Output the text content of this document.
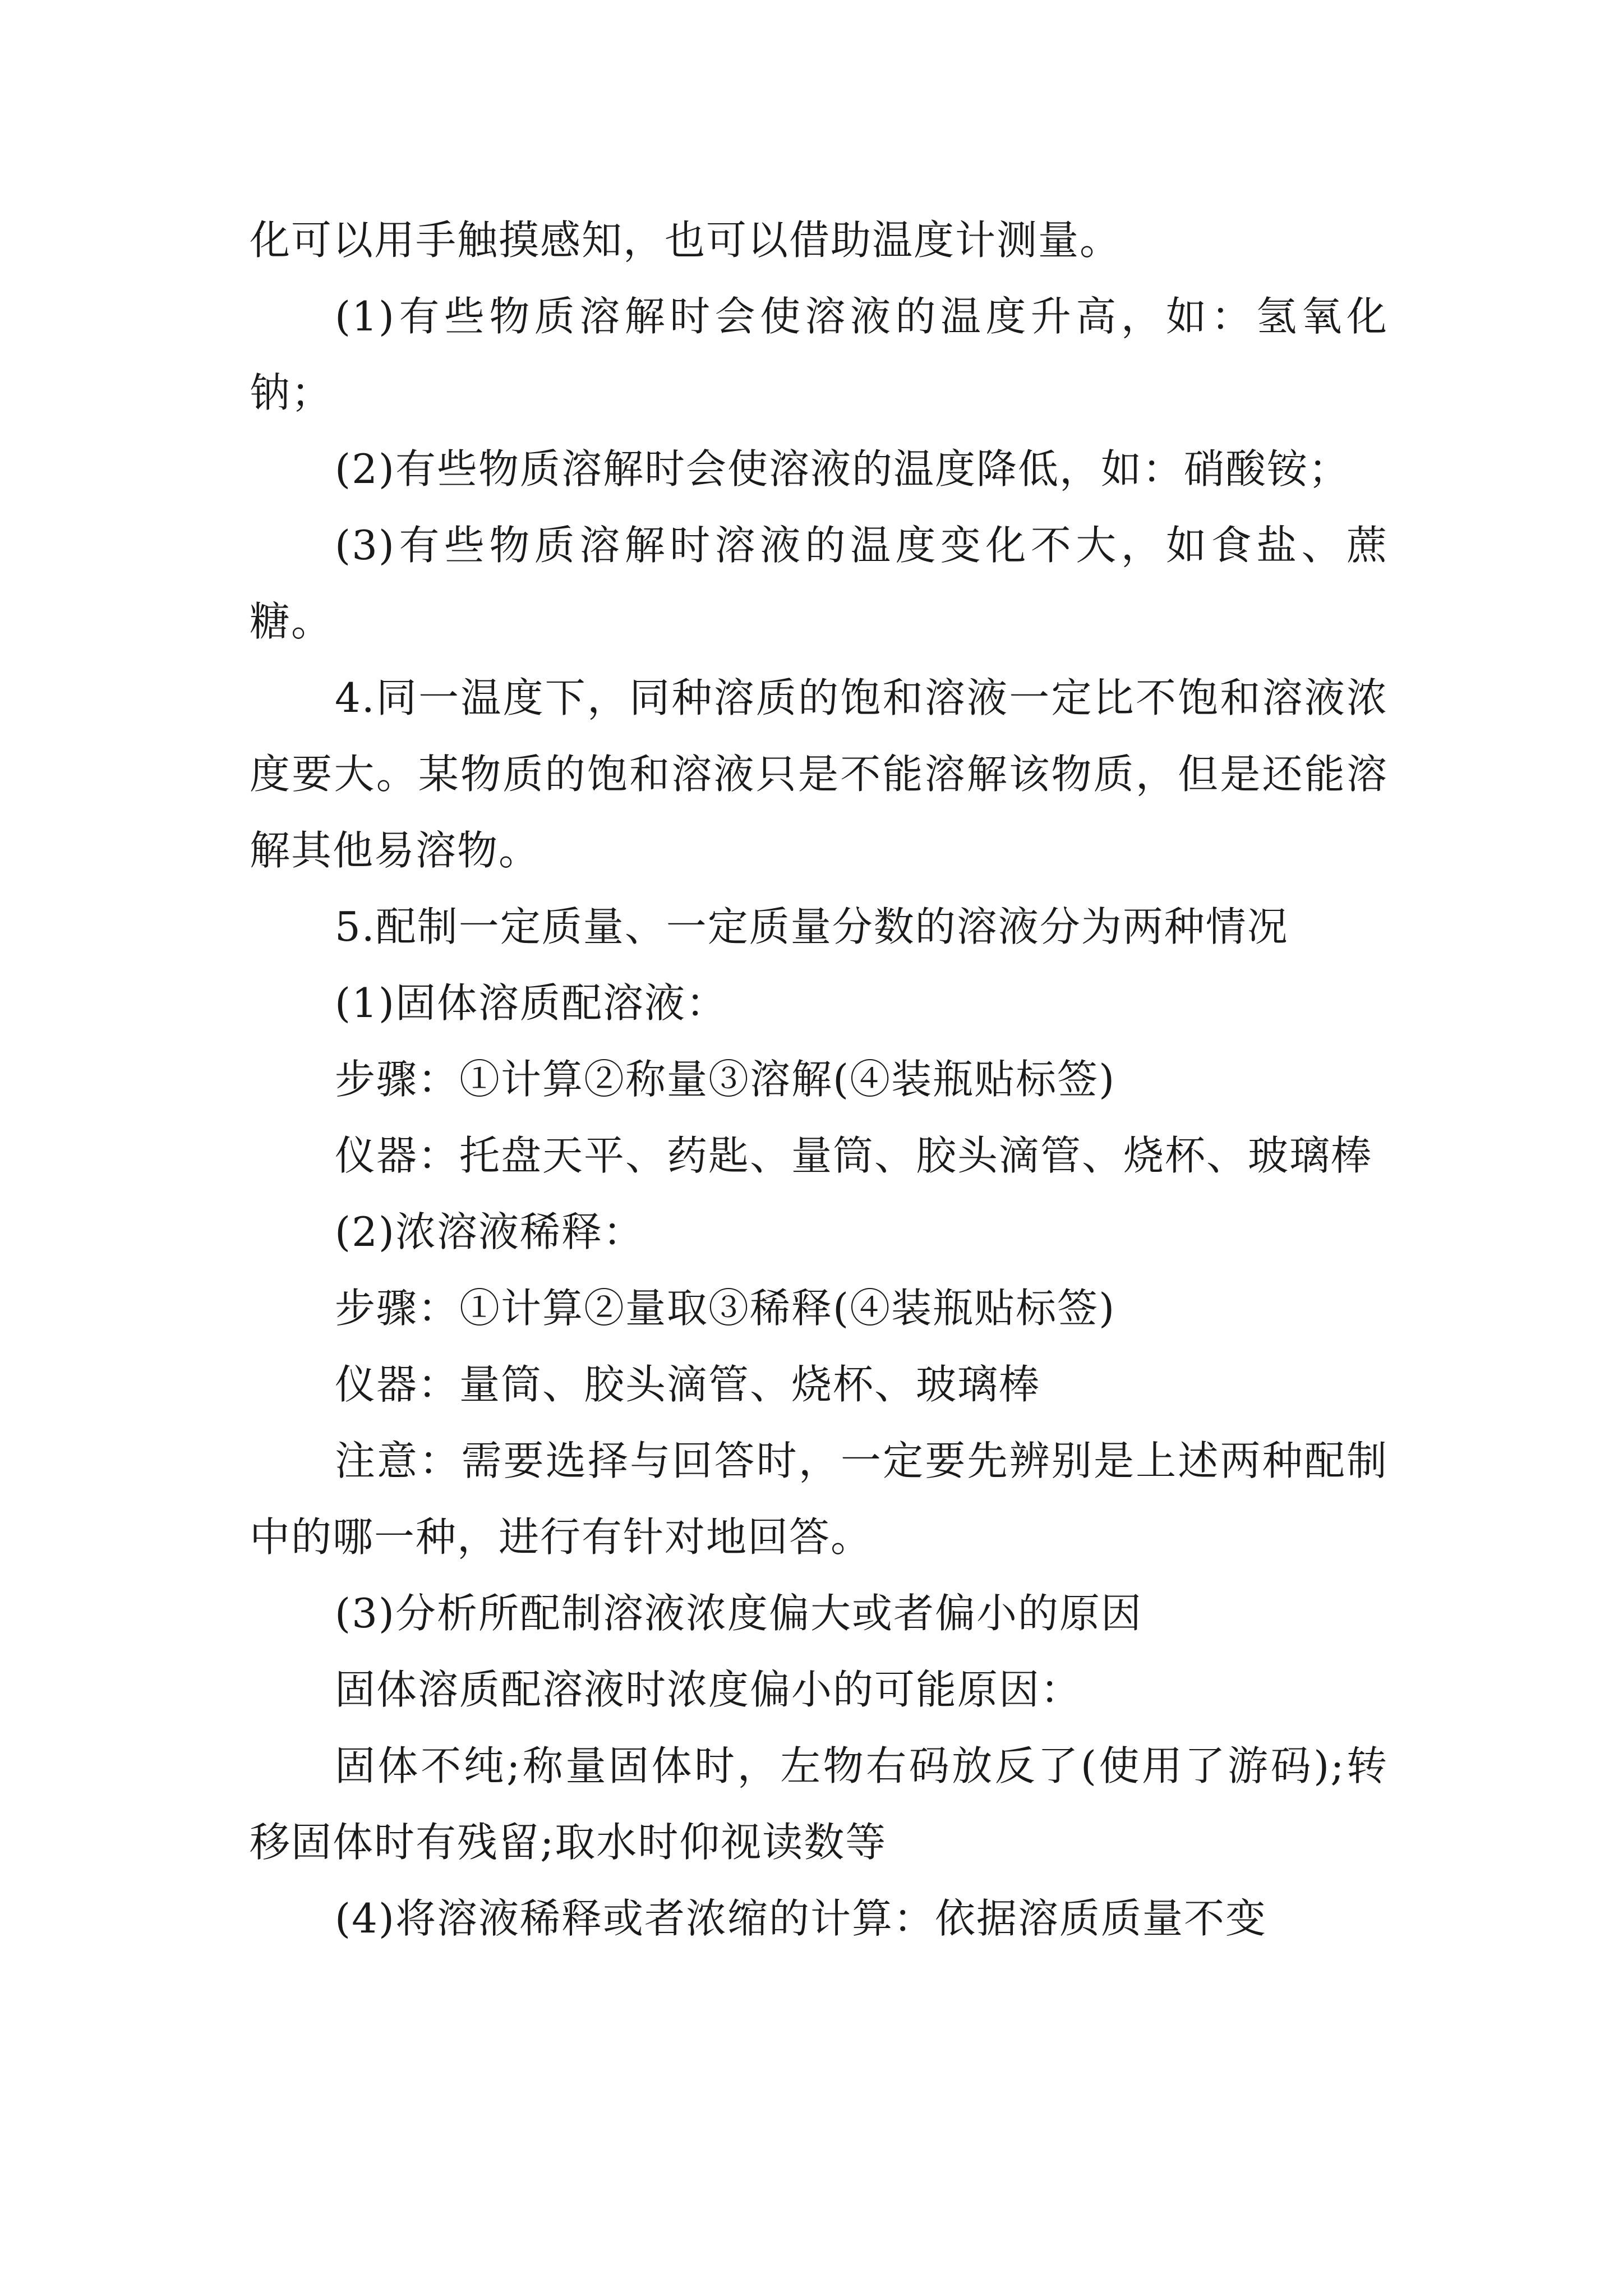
化可以用手触摸感知，也可以借助温度计测量。

(1)有些物质溶解时会使溶液的温度升高，如：氢氧化钠；

(2)有些物质溶解时会使溶液的温度降低，如：硝酸铵；

(3)有些物质溶解时溶液的温度变化不大，如食盐、蔗糖。

4.同一温度下，同种溶质的饱和溶液一定比不饱和溶液浓度要大。某物质的饱和溶液只是不能溶解该物质，但是还能溶解其他易溶物。

5.配制一定质量、一定质量分数的溶液分为两种情况

(1)固体溶质配溶液：

步骤：①计算②称量③溶解(④装瓶贴标签)

仪器：托盘天平、药匙、量筒、胶头滴管、烧杯、玻璃棒

(2)浓溶液稀释：

步骤：①计算②量取③稀释(④装瓶贴标签)

仪器：量筒、胶头滴管、烧杯、玻璃棒

注意：需要选择与回答时，一定要先辨别是上述两种配制中的哪一种，进行有针对地回答。

(3)分析所配制溶液浓度偏大或者偏小的原因

固体溶质配溶液时浓度偏小的可能原因：

固体不纯;称量固体时，左物右码放反了(使用了游码);转移固体时有残留;取水时仰视读数等

(4)将溶液稀释或者浓缩的计算：依据溶质质量不变
